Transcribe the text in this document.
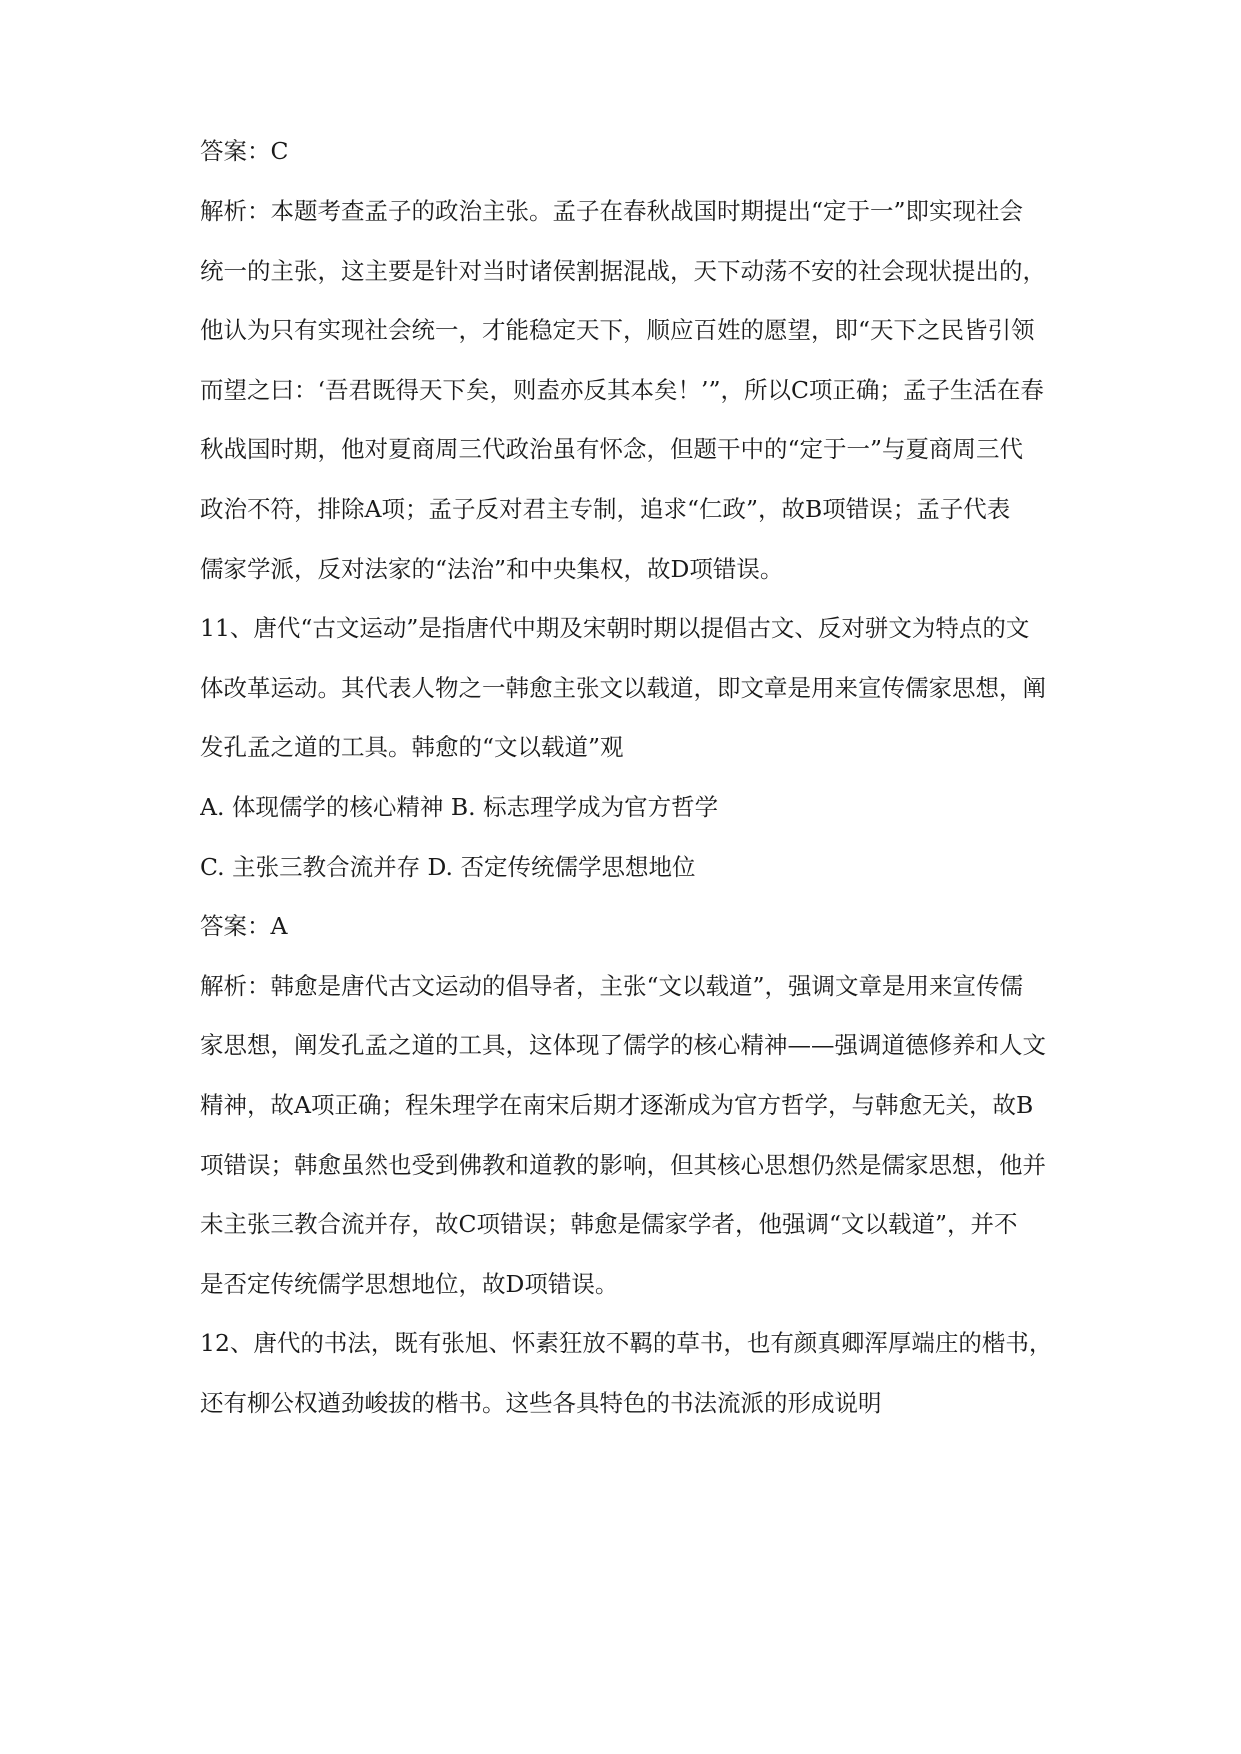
答案：C
解析：本题考查孟子的政治主张。孟子在春秋战国时期提出“定于一”即实现社会
统一的主张，这主要是针对当时诸侯割据混战，天下动荡不安的社会现状提出的，
他认为只有实现社会统一，才能稳定天下，顺应百姓的愿望，即“天下之民皆引领
而望之曰：‘吾君既得天下矣，则盍亦反其本矣！’”，所以C项正确；孟子生活在春
秋战国时期，他对夏商周三代政治虽有怀念，但题干中的“定于一”与夏商周三代
政治不符，排除A项；孟子反对君主专制，追求“仁政”，故B项错误；孟子代表
儒家学派，反对法家的“法治”和中央集权，故D项错误。
11、唐代“古文运动”是指唐代中期及宋朝时期以提倡古文、反对骈文为特点的文
体改革运动。其代表人物之一韩愈主张文以载道，即文章是用来宣传儒家思想，阐
发孔孟之道的工具。韩愈的“文以载道”观
A. 体现儒学的核心精神 B. 标志理学成为官方哲学
C. 主张三教合流并存 D. 否定传统儒学思想地位
答案：A
解析：韩愈是唐代古文运动的倡导者，主张“文以载道”，强调文章是用来宣传儒
家思想，阐发孔孟之道的工具，这体现了儒学的核心精神——强调道德修养和人文
精神，故A项正确；程朱理学在南宋后期才逐渐成为官方哲学，与韩愈无关，故B
项错误；韩愈虽然也受到佛教和道教的影响，但其核心思想仍然是儒家思想，他并
未主张三教合流并存，故C项错误；韩愈是儒家学者，他强调“文以载道”，并不
是否定传统儒学思想地位，故D项错误。
12、唐代的书法，既有张旭、怀素狂放不羁的草书，也有颜真卿浑厚端庄的楷书，
还有柳公权遒劲峻拔的楷书。这些各具特色的书法流派的形成说明
